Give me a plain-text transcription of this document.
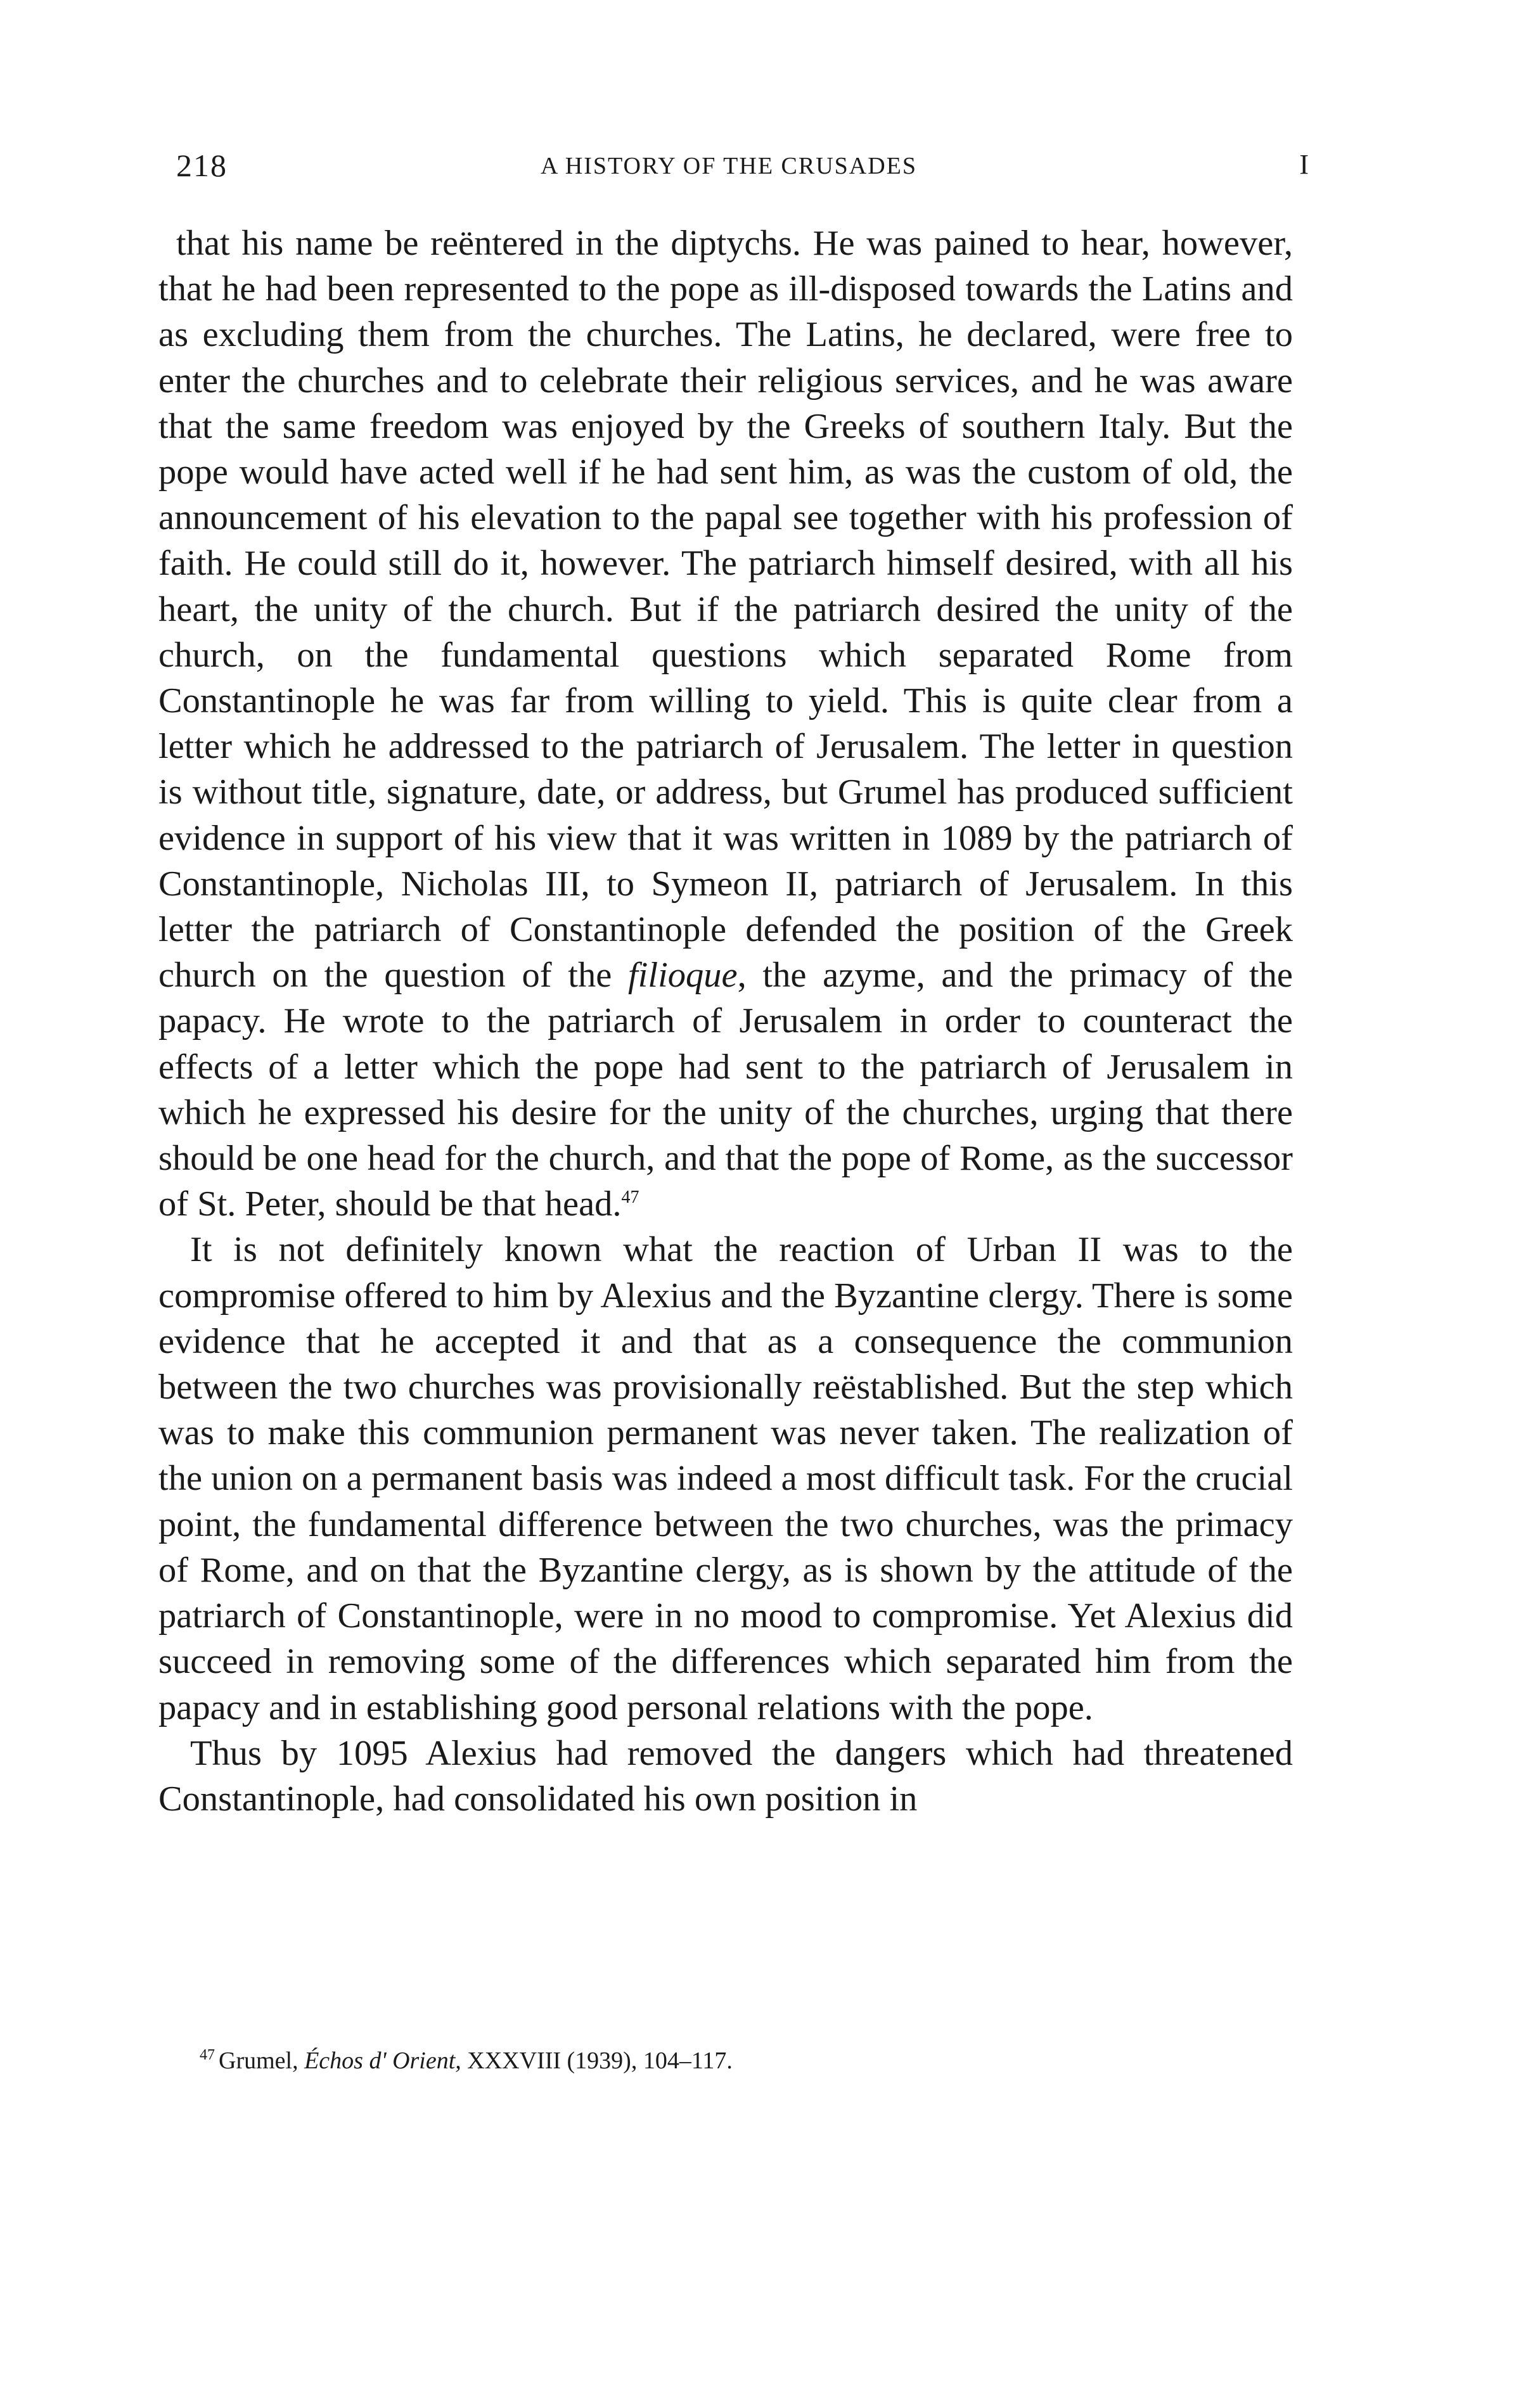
218	A HISTORY OF THE CRUSADES	I

that his name be reëntered in the diptychs. He was pained to hear, however, that he had been represented to the pope as ill-disposed towards the Latins and as excluding them from the churches. The Latins, he declared, were free to enter the churches and to celebrate their religious services, and he was aware that the same freedom was enjoyed by the Greeks of southern Italy. But the pope would have acted well if he had sent him, as was the custom of old, the announcement of his elevation to the papal see together with his profession of faith. He could still do it, however. The patriarch himself desired, with all his heart, the unity of the church. But if the patriarch desired the unity of the church, on the fundamental questions which separated Rome from Constantinople he was far from willing to yield. This is quite clear from a letter which he addressed to the patriarch of Jerusalem. The letter in question is without title, signature, date, or address, but Grumel has produced sufficient evidence in support of his view that it was written in 1089 by the patriarch of Constantinople, Nicholas III, to Symeon II, patriarch of Jerusalem. In this letter the patriarch of Constantinople defended the position of the Greek church on the question of the filioque, the azyme, and the primacy of the papacy. He wrote to the patriarch of Jerusalem in order to counteract the effects of a letter which the pope had sent to the patriarch of Jerusalem in which he expressed his desire for the unity of the churches, urging that there should be one head for the church, and that the pope of Rome, as the successor of St. Peter, should be that head.$^{47}$

It is not definitely known what the reaction of Urban II was to the compromise offered to him by Alexius and the Byzantine clergy. There is some evidence that he accepted it and that as a consequence the communion between the two churches was provisionally reëstablished. But the step which was to make this communion permanent was never taken. The realization of the union on a permanent basis was indeed a most difficult task. For the crucial point, the fundamental difference between the two churches, was the primacy of Rome, and on that the Byzantine clergy, as is shown by the attitude of the patriarch of Constantinople, were in no mood to compromise. Yet Alexius did succeed in removing some of the differences which separated him from the papacy and in establishing good personal relations with the pope.

Thus by 1095 Alexius had removed the dangers which had threatened Constantinople, had consolidated his own position in

$^{47}$ Grumel, Échos d' Orient, XXXVIII (1939), 104–117.
